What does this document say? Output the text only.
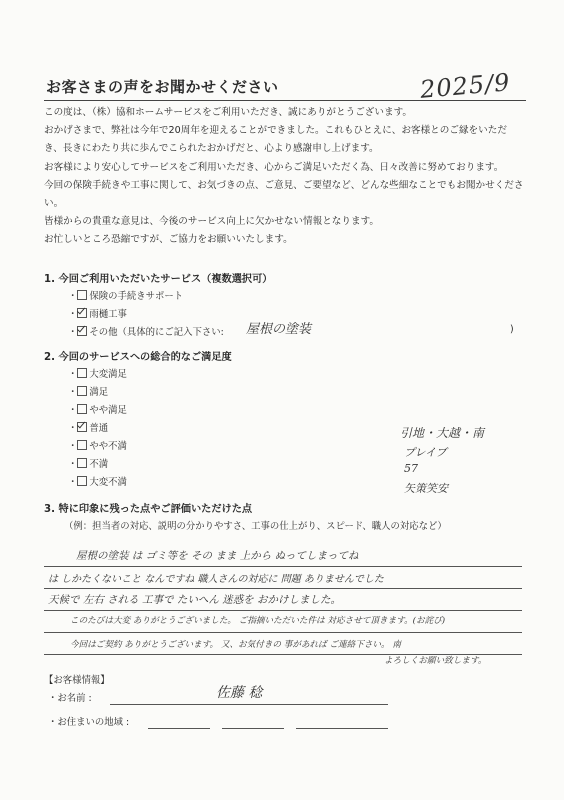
お客さまの声をお聞かせください	2025/9

この度は、（株）協和ホームサービスをご利用いただき、誠にありがとうございます。

おかげさまで、弊社は今年で20周年を迎えることができました。これもひとえに、お客様とのご縁をいただき、長きにわたり共に歩んでこられたおかげだと、心より感謝申し上げます。

お客様により安心してサービスをご利用いただき、心からご満足いただく為、日々改善に努めております。

今回の保険手続きや工事に関して、お気づきの点、ご意見、ご要望など、どんな些細なことでもお聞かせください。

皆様からの貴重な意見は、今後のサービス向上に欠かせない情報となります。

お忙しいところ恐縮ですが、ご協力をお願いいたします。

1. 今回ご利用いただいたサービス（複数選択可）
・ 保険の手続きサポート
・ 雨樋工事
・ その他（具体的にご記入下さい: 屋根の塗装	)
2. 今回のサービスへの総合的なご満足度
・ 大変満足
・ 満足
・ やや満足
・ 普通
・ やや不満
・ 不満
・ 大変不満
引地・大越・南
プレイブ
57
矢策笑安
3. 特に印象に残った点やご評価いただけた点
（例：担当者の対応、説明の分かりやすさ、工事の仕上がり、スピード、職人の対応など）
屋根の塗装 は ゴミ等を その まま 上から ぬってしまってね
は しかたくないこと なんですね 職人さんの対応に 問題 ありませんでした
天候で 左右 される 工事で たいへん 迷惑を おかけしました。
このたびは大変 ありがとうございました。 ご指摘いただいた件は 対応させて頂きます。(お詫び)
今回はご契約 ありがとうございます。 又、お気付きの 事があれば ご連絡下さい。 南
よろしくお願い致します。
【お客様情報】
・お名前 :	佐藤 稔
・お住まいの地域 :
